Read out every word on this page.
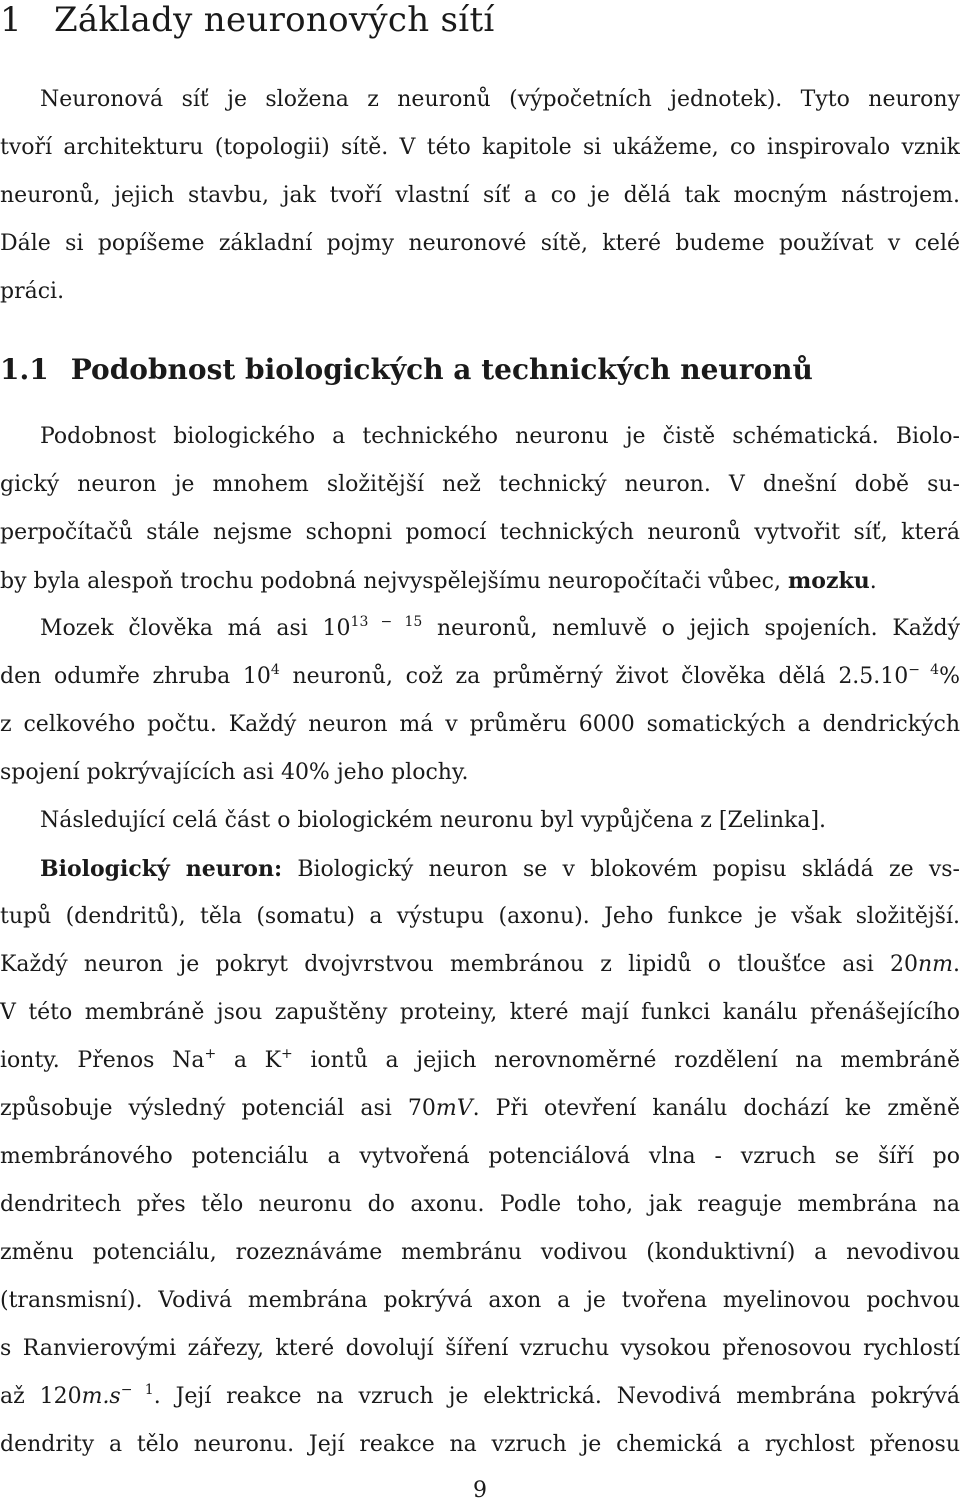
1 Základy neuronových sítí
Neuronová síť je složena z neuronů (výpočetních jednotek). Tyto neurony
tvoří architekturu (topologii) sítě. V této kapitole si ukážeme, co inspirovalo vznik
neuronů, jejich stavbu, jak tvoří vlastní síť a co je dělá tak mocným nástrojem.
Dále si popíšeme základní pojmy neuronové sítě, které budeme používat v celé
práci.
1.1 Podobnost biologických a technických neuronů
Podobnost biologického a technického neuronu je čistě schématická. Biolo-
gický neuron je mnohem složitější než technický neuron. V dnešní době su-
perpočítačů stále nejsme schopni pomocí technických neuronů vytvořit síť, která
by byla alespoň trochu podobná nejvyspělejšímu neuropočítači vůbec, mozku.
Mozek člověka má asi $10^{13 - 15}$ neuronů, nemluvě o jejich spojeních. Každý
den odumře zhruba $10^4$ neuronů, což za průměrný život člověka dělá $2.5.10^{- 4}\%$
z celkového počtu. Každý neuron má v průměru 6000 somatických a dendrických
spojení pokrývajících asi 40% jeho plochy.
Následující celá část o biologickém neuronu byl vypůjčena z [Zelinka].
Biologický neuron: Biologický neuron se v blokovém popisu skládá ze vs-
tupů (dendritů), těla (somatu) a výstupu (axonu). Jeho funkce je však složitější.
Každý neuron je pokryt dvojvrstvou membránou z lipidů o tloušťce asi 20nm.
V této membráně jsou zapuštěny proteiny, které mají funkci kanálu přenášejícího
ionty. Přenos Na+ a K+ iontů a jejich nerovnoměrné rozdělení na membráně
způsobuje výsledný potenciál asi 70mV. Při otevření kanálu dochází ke změně
membránového potenciálu a vytvořená potenciálová vlna - vzruch se šíří po
dendritech přes tělo neuronu do axonu. Podle toho, jak reaguje membrána na
změnu potenciálu, rozeznáváme membránu vodivou (konduktivní) a nevodivou
(transmisní). Vodivá membrána pokrývá axon a je tvořena myelinovou pochvou
s Ranvierovými zářezy, které dovolují šíření vzruchu vysokou přenosovou rychlostí
až $120m.s^{- 1}$. Její reakce na vzruch je elektrická. Nevodivá membrána pokrývá
dendrity a tělo neuronu. Její reakce na vzruch je chemická a rychlost přenosu
9
